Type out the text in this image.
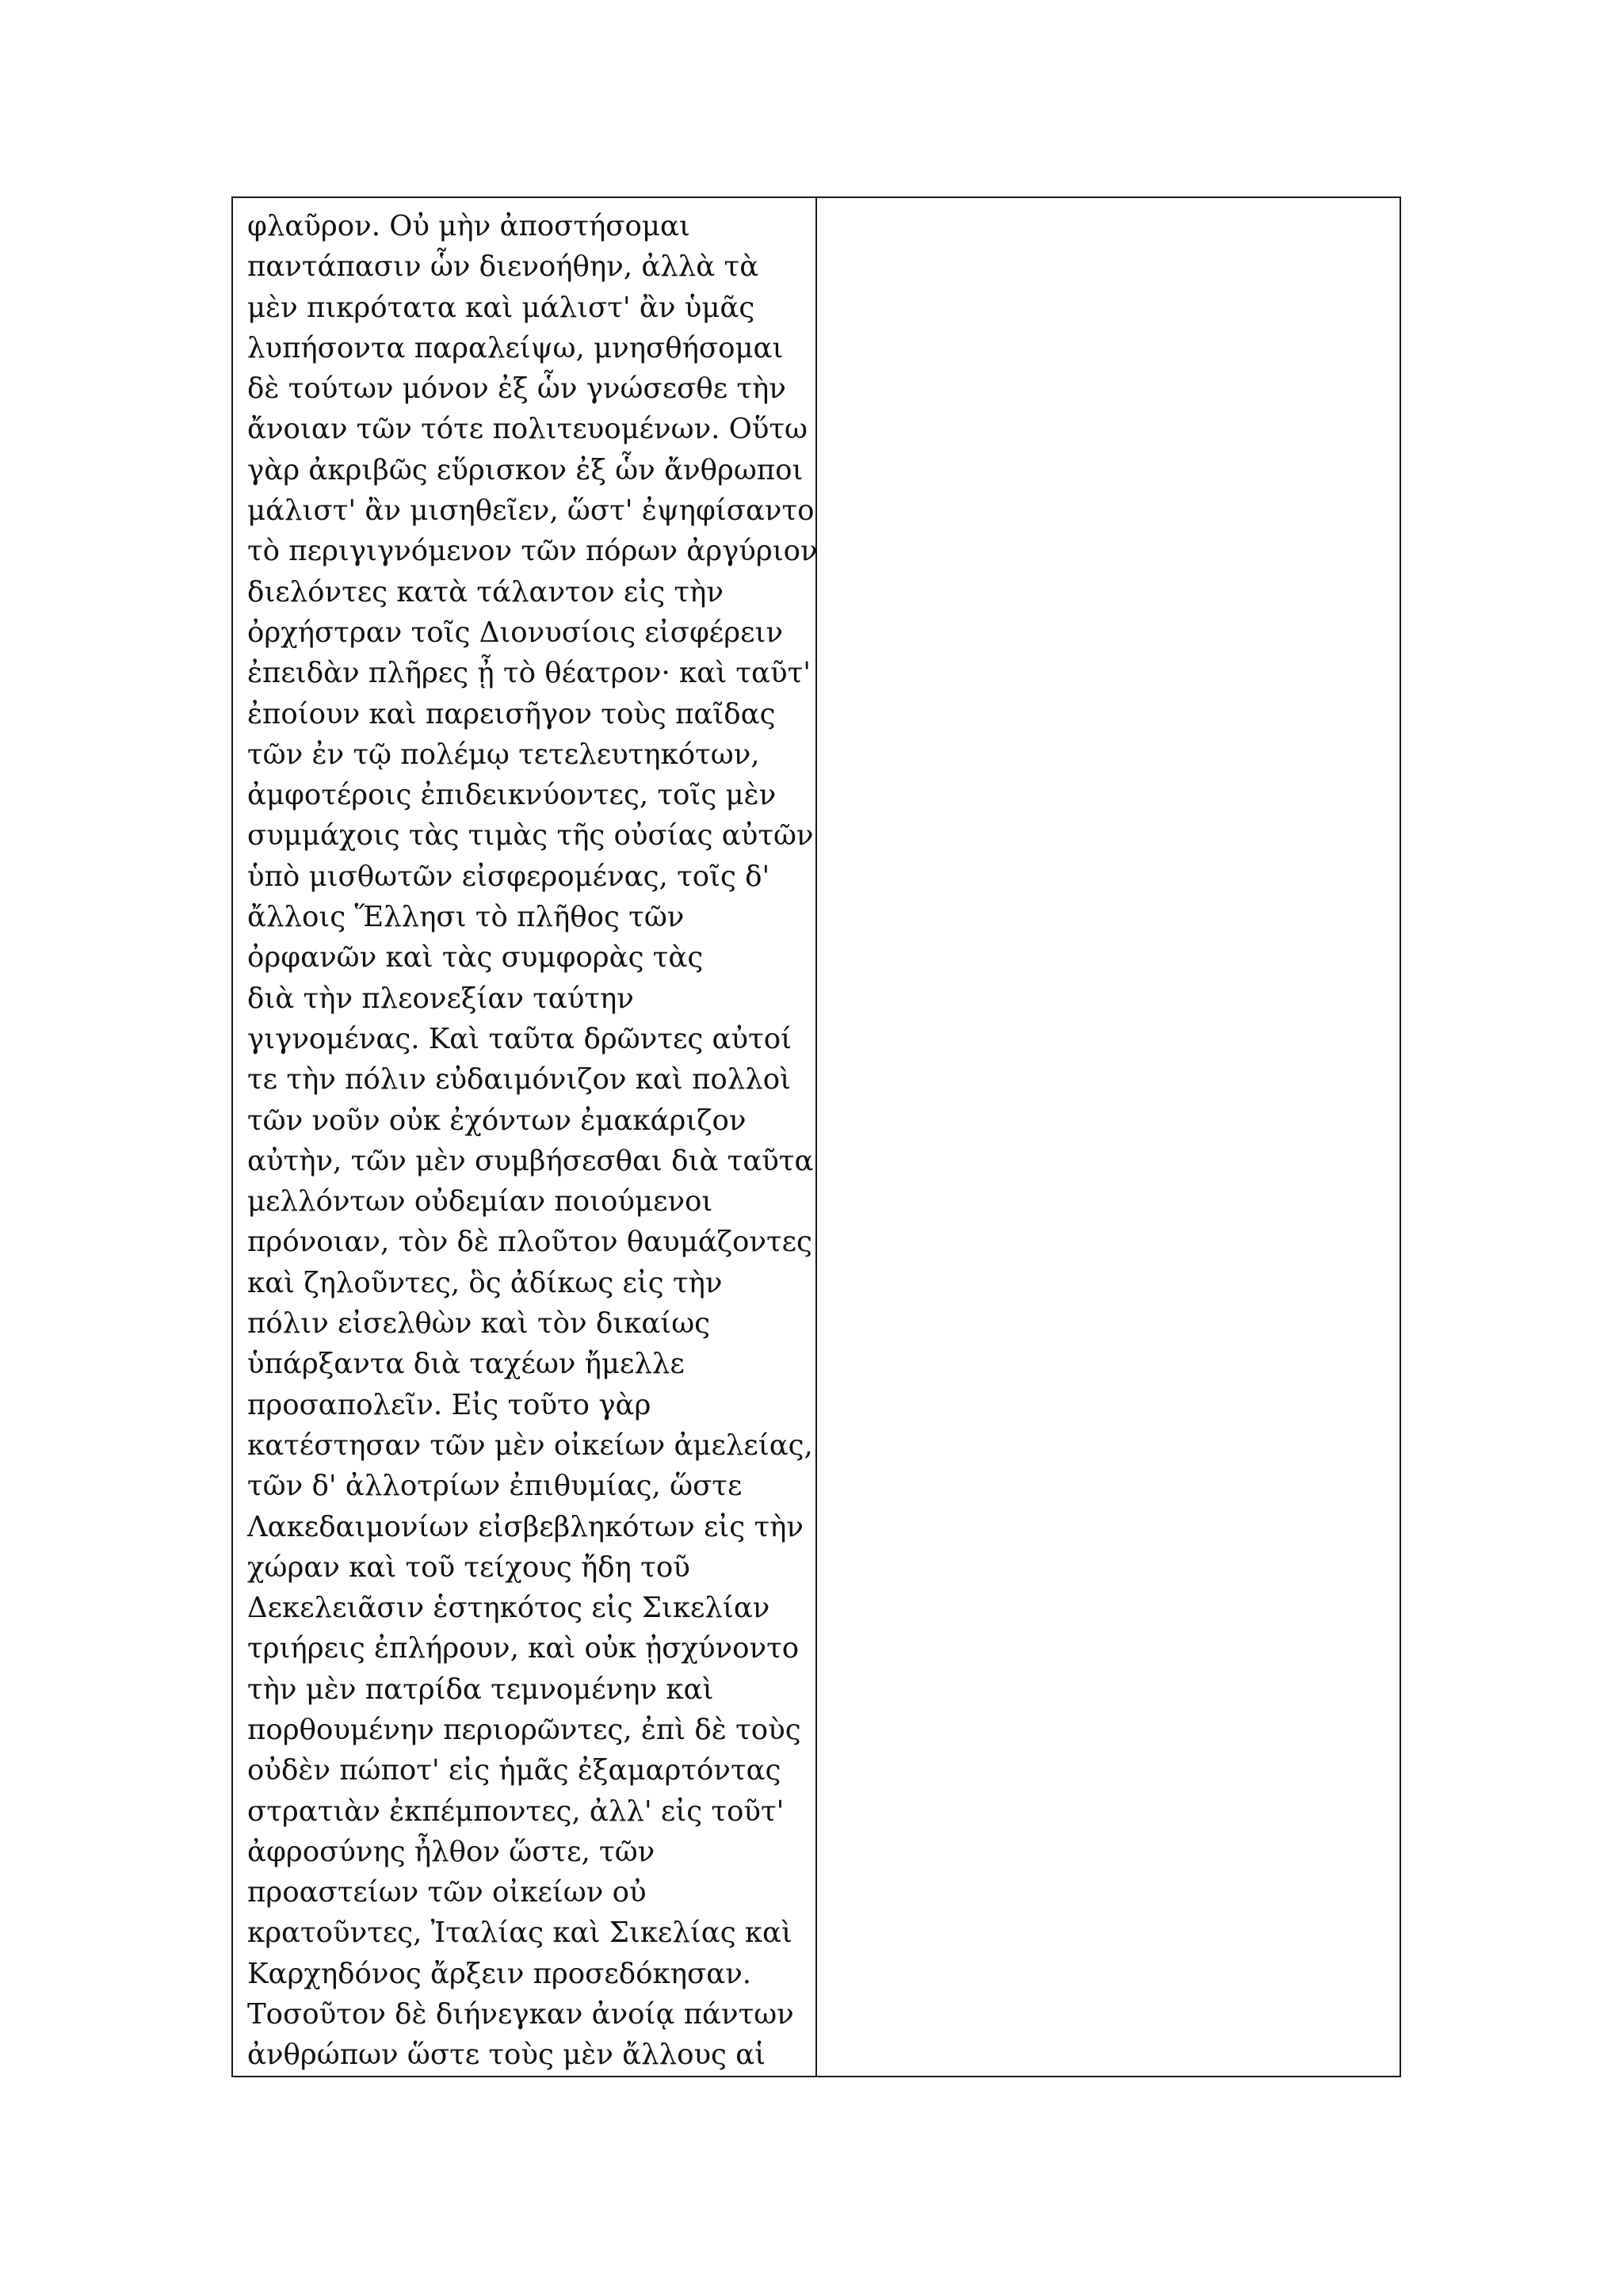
φλαῦρον. Οὐ μὴν ἀποστήσομαι
παντάπασιν ὧν διενοήθην, ἀλλὰ τὰ
μὲν πικρότατα καὶ μάλιστ' ἂν ὑμᾶς
λυπήσοντα παραλείψω, μνησθήσομαι
δὲ τούτων μόνον ἐξ ὧν γνώσεσθε τὴν
ἄνοιαν τῶν τότε πολιτευομένων. Οὕτω
γὰρ ἀκριβῶς εὕρισκον ἐξ ὧν ἄνθρωποι
μάλιστ' ἂν μισηθεῖεν, ὥστ' ἐψηφίσαντο
τὸ περιγιγνόμενον τῶν πόρων ἀργύριον
διελόντες κατὰ τάλαντον εἰς τὴν
ὀρχήστραν τοῖς Διονυσίοις εἰσφέρειν
ἐπειδὰν πλῆρες ᾖ τὸ θέατρον· καὶ ταῦτ'
ἐποίουν καὶ παρεισῆγον τοὺς παῖδας
τῶν ἐν τῷ πολέμῳ τετελευτηκότων,
ἀμφοτέροις ἐπιδεικνύοντες, τοῖς μὲν
συμμάχοις τὰς τιμὰς τῆς οὐσίας αὐτῶν
ὑπὸ μισθωτῶν εἰσφερομένας, τοῖς δ'
ἄλλοις Ἕλλησι τὸ πλῆθος τῶν
ὀρφανῶν καὶ τὰς συμφορὰς τὰς
διὰ τὴν πλεονεξίαν ταύτην
γιγνομένας. Καὶ ταῦτα δρῶντες αὐτοί
τε τὴν πόλιν εὐδαιμόνιζον καὶ πολλοὶ
τῶν νοῦν οὐκ ἐχόντων ἐμακάριζον
αὐτὴν, τῶν μὲν συμβήσεσθαι διὰ ταῦτα
μελλόντων οὐδεμίαν ποιούμενοι
πρόνοιαν, τὸν δὲ πλοῦτον θαυμάζοντες
καὶ ζηλοῦντες, ὃς ἀδίκως εἰς τὴν
πόλιν εἰσελθὼν καὶ τὸν δικαίως
ὑπάρξαντα διὰ ταχέων ἤμελλε
προσαπολεῖν. Εἰς τοῦτο γὰρ
κατέστησαν τῶν μὲν οἰκείων ἀμελείας,
τῶν δ' ἀλλοτρίων ἐπιθυμίας, ὥστε
Λακεδαιμονίων εἰσβεβληκότων εἰς τὴν
χώραν καὶ τοῦ τείχους ἤδη τοῦ
Δεκελειᾶσιν ἑστηκότος εἰς Σικελίαν
τριήρεις ἐπλήρουν, καὶ οὐκ ᾐσχύνοντο
τὴν μὲν πατρίδα τεμνομένην καὶ
πορθουμένην περιορῶντες, ἐπὶ δὲ τοὺς
οὐδὲν πώποτ' εἰς ἡμᾶς ἐξαμαρτόντας
στρατιὰν ἐκπέμποντες, ἀλλ' εἰς τοῦτ'
ἀφροσύνης ἦλθον ὥστε, τῶν
προαστείων τῶν οἰκείων οὐ
κρατοῦντες, Ἰταλίας καὶ Σικελίας καὶ
Καρχηδόνος ἄρξειν προσεδόκησαν.
Τοσοῦτον δὲ διήνεγκαν ἀνοίᾳ πάντων
ἀνθρώπων ὥστε τοὺς μὲν ἄλλους αἱ
